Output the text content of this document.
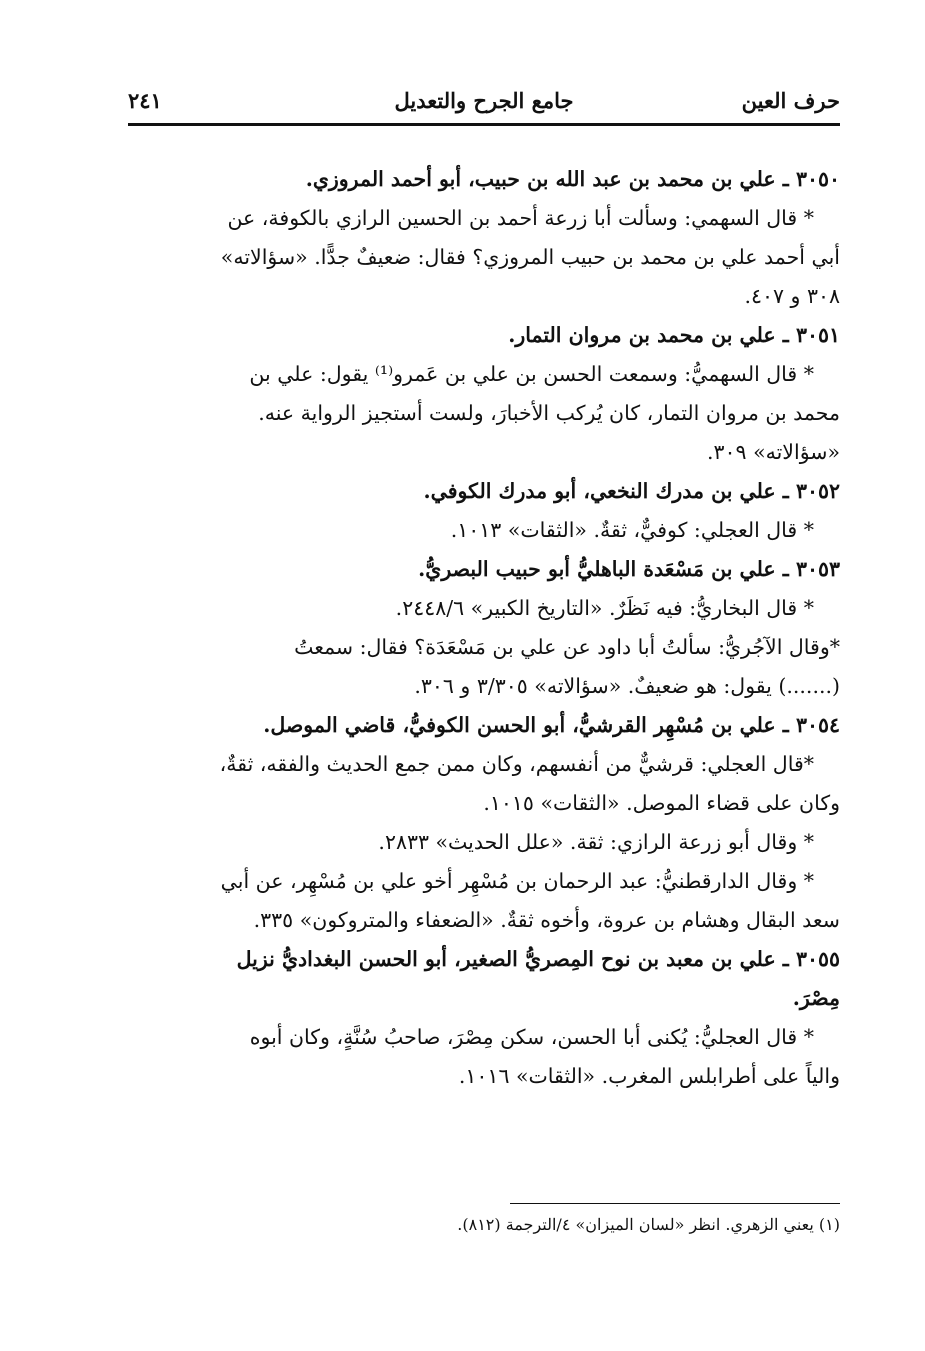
حرف العين
جامع الجرح والتعديل
٢٤١
٣٠٥٠ ـ علي بن محمد بن عبد الله بن حبيب، أبو أحمد المروزي.
* قال السهمي: وسألت أبا زرعة أحمد بن الحسين الرازي بالكوفة، عن
أبي أحمد علي بن محمد بن حبيب المروزي؟ فقال: ضعيفٌ جدًّا. «سؤالاته»
٣٠٨ و ٤٠٧.
٣٠٥١ ـ علي بن محمد بن مروان التمار.
* قال السهميُّ: وسمعت الحسن بن علي بن عَمرو⁽¹⁾ يقول: علي بن
محمد بن مروان التمار، كان يُركب الأخبارَ، ولست أستجيز الرواية عنه.
«سؤالاته» ٣٠٩.
٣٠٥٢ ـ علي بن مدرك النخعي، أبو مدرك الكوفي.
* قال العجلي: كوفيٌّ، ثقةٌ. «الثقات» ١٠١٣.
٣٠٥٣ ـ علي بن مَسْعَدة الباهليُّ أبو حبيب البصريُّ.
* قال البخاريُّ: فيه نَظَرٌ. «التاريخ الكبير» ٢٤٤٨/٦.
*وقال الآجُريُّ: سألتُ أبا داود عن علي بن مَسْعَدَة؟ فقال: سمعتُ
(.......) يقول: هو ضعيفٌ. «سؤالاته» ٣/٣٠٥ و ٣٠٦.
٣٠٥٤ ـ علي بن مُسْهِر القرشيُّ، أبو الحسن الكوفيُّ، قاضي الموصل.
*قال العجلي: قرشيٌّ من أنفسهم، وكان ممن جمع الحديث والفقه، ثقةٌ،
وكان على قضاء الموصل. «الثقات» ١٠١٥.
* وقال أبو زرعة الرازي: ثقة. «علل الحديث» ٢٨٣٣.
* وقال الدارقطنيُّ: عبد الرحمان بن مُسْهِر أخو علي بن مُسْهِر، عن أبي
سعد البقال وهشام بن عروة، وأخوه ثقةٌ. «الضعفاء والمتروكون» ٣٣٥.
٣٠٥٥ ـ علي بن معبد بن نوح المِصريُّ الصغير، أبو الحسن البغداديُّ نزيل
مِصْرَ.
* قال العجليُّ: يُكنى أبا الحسن، سكن مِصْرَ، صاحبُ سُنَّةٍ، وكان أبوه
والياً على أطرابلس المغرب. «الثقات» ١٠١٦.
(١) يعني الزهري. انظر «لسان الميزان» ٤/الترجمة (٨١٢).
